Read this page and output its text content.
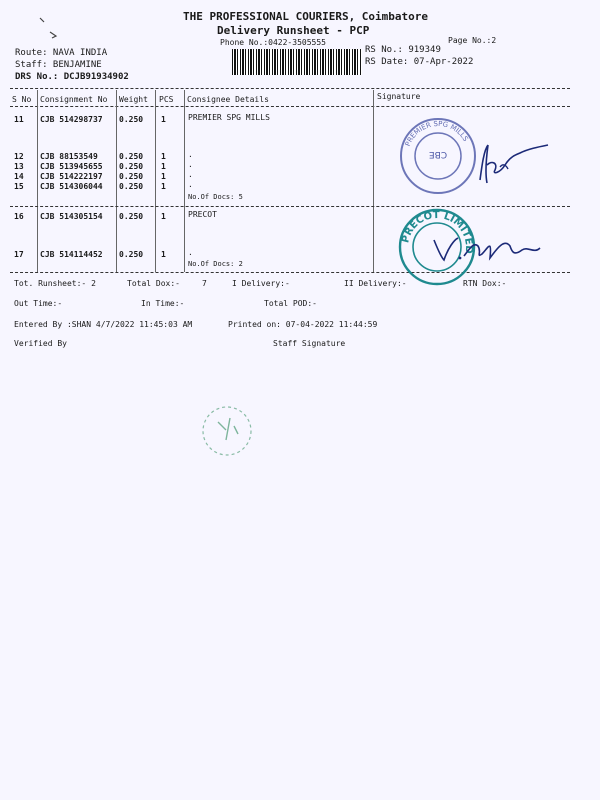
THE PROFESSIONAL COURIERS, Coimbatore
Delivery Runsheet - PCP
Phone No.:0422-3505555	Page No.:2
Route: NAVA INDIA
Staff: BENJAMINE
DRS No.: DCJB91934902
RS No.: 919349
RS Date: 07-Apr-2022
S No Consignment No Weight PCS Consignee Details	Signature
11 CJB 514298737 0.250 1	PREMIER SPG MILLS
12 CJB 88153549	0.250 1	.
13 CJB 513945655 0.250 1	.
14 CJB 514222197 0.250 1	.
15 CJB 514306044 0.250 1	.
No.Of Docs: 5
16 CJB 514305154 0.250 1	PRECOT
17 CJB 514114452 0.250 1	.
No.Of Docs: 2
PREMIER SPG MILLS
CBE
PRECOT LIMITED
Tot. Runsheet:- 2	Total Dox:-	7	I Delivery:-	II Delivery:-	RTN Dox:-
Out Time:-	In Time:-	Total POD:-
Entered By :SHAN 4/7/2022 11:45:03 AM	Printed on: 07-04-2022 11:44:59
Verified By	Staff Signature
